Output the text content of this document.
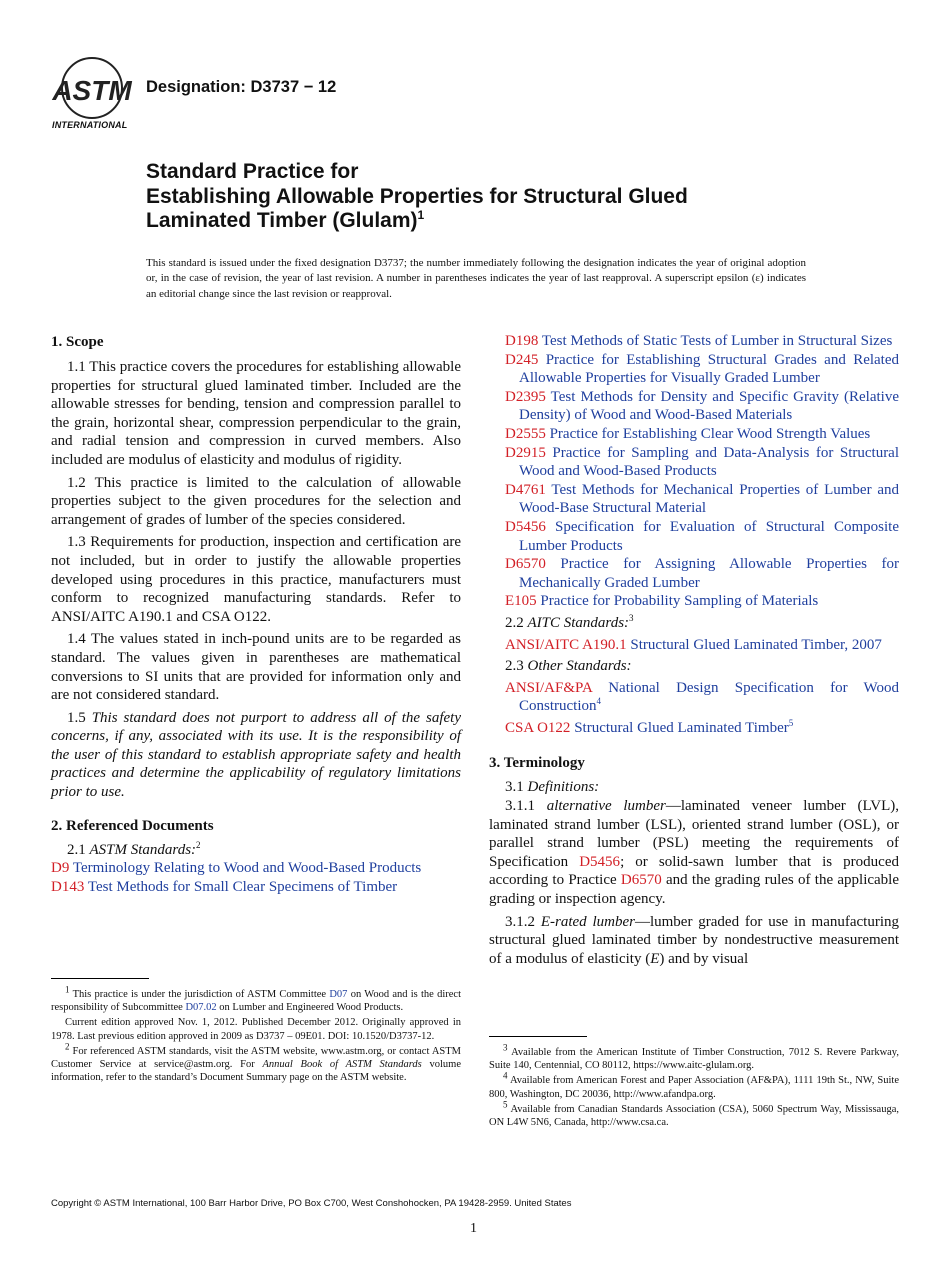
ASTM
INTERNATIONAL
Designation: D3737 − 12
Standard Practice for
Establishing Allowable Properties for Structural Glued
Laminated Timber (Glulam)$^1$
This standard is issued under the fixed designation D3737; the number immediately following the designation indicates the year of original adoption or, in the case of revision, the year of last revision. A number in parentheses indicates the year of last reapproval. A superscript epsilon (ε) indicates an editorial change since the last revision or reapproval.
1. Scope

1.1 This practice covers the procedures for establishing allowable properties for structural glued laminated timber. Included are the allowable stresses for bending, tension and compression parallel to the grain, horizontal shear, compression perpendicular to the grain, and radial tension and compression in curved members. Also included are modulus of elasticity and modulus of rigidity.

1.2 This practice is limited to the calculation of allowable properties subject to the given procedures for the selection and arrangement of grades of lumber of the species considered.

1.3 Requirements for production, inspection and certification are not included, but in order to justify the allowable properties developed using procedures in this practice, manufacturers must conform to recognized manufacturing standards. Refer to ANSI/AITC A190.1 and CSA O122.

1.4 The values stated in inch-pound units are to be regarded as standard. The values given in parentheses are mathematical conversions to SI units that are provided for information only and are not considered standard.

1.5 This standard does not purport to address all of the safety concerns, if any, associated with its use. It is the responsibility of the user of this standard to establish appropriate safety and health practices and determine the applicability of regulatory limitations prior to use.

2. Referenced Documents

2.1 ASTM Standards:$^2$

D9 Terminology Relating to Wood and Wood-Based Products

D143 Test Methods for Small Clear Specimens of Timber

$^1$ This practice is under the jurisdiction of ASTM Committee D07 on Wood and is the direct responsibility of Subcommittee D07.02 on Lumber and Engineered Wood Products.

Current edition approved Nov. 1, 2012. Published December 2012. Originally approved in 1978. Last previous edition approved in 2009 as D3737 – 09E01. DOI: 10.1520/D3737-12.

$^2$ For referenced ASTM standards, visit the ASTM website, www.astm.org, or contact ASTM Customer Service at service@astm.org. For Annual Book of ASTM Standards volume information, refer to the standard’s Document Summary page on the ASTM website.

D198 Test Methods of Static Tests of Lumber in Structural Sizes

D245 Practice for Establishing Structural Grades and Related Allowable Properties for Visually Graded Lumber

D2395 Test Methods for Density and Specific Gravity (Relative Density) of Wood and Wood-Based Materials

D2555 Practice for Establishing Clear Wood Strength Values

D2915 Practice for Sampling and Data-Analysis for Structural Wood and Wood-Based Products

D4761 Test Methods for Mechanical Properties of Lumber and Wood-Base Structural Material

D5456 Specification for Evaluation of Structural Composite Lumber Products

D6570 Practice for Assigning Allowable Properties for Mechanically Graded Lumber

E105 Practice for Probability Sampling of Materials

2.2 AITC Standards:$^3$

ANSI/AITC A190.1 Structural Glued Laminated Timber, 2007

2.3 Other Standards:

ANSI/AF&PA National Design Specification for Wood Construction$^4$

CSA O122 Structural Glued Laminated Timber$^5$

3. Terminology

3.1 Definitions:

3.1.1 alternative lumber—laminated veneer lumber (LVL), laminated strand lumber (LSL), oriented strand lumber (OSL), or parallel strand lumber (PSL) meeting the requirements of Specification D5456; or solid-sawn lumber that is produced according to Practice D6570 and the grading rules of the applicable grading or inspection agency.

3.1.2 E-rated lumber—lumber graded for use in manufacturing structural glued laminated timber by nondestructive measurement of a modulus of elasticity (E) and by visual

$^3$ Available from the American Institute of Timber Construction, 7012 S. Revere Parkway, Suite 140, Centennial, CO 80112, https://www.aitc-glulam.org.

$^4$ Available from American Forest and Paper Association (AF&PA), 1111 19th St., NW, Suite 800, Washington, DC 20036, http://www.afandpa.org.

$^5$ Available from Canadian Standards Association (CSA), 5060 Spectrum Way, Mississauga, ON L4W 5N6, Canada, http://www.csa.ca.

Copyright © ASTM International, 100 Barr Harbor Drive, PO Box C700, West Conshohocken, PA 19428-2959. United States
1
